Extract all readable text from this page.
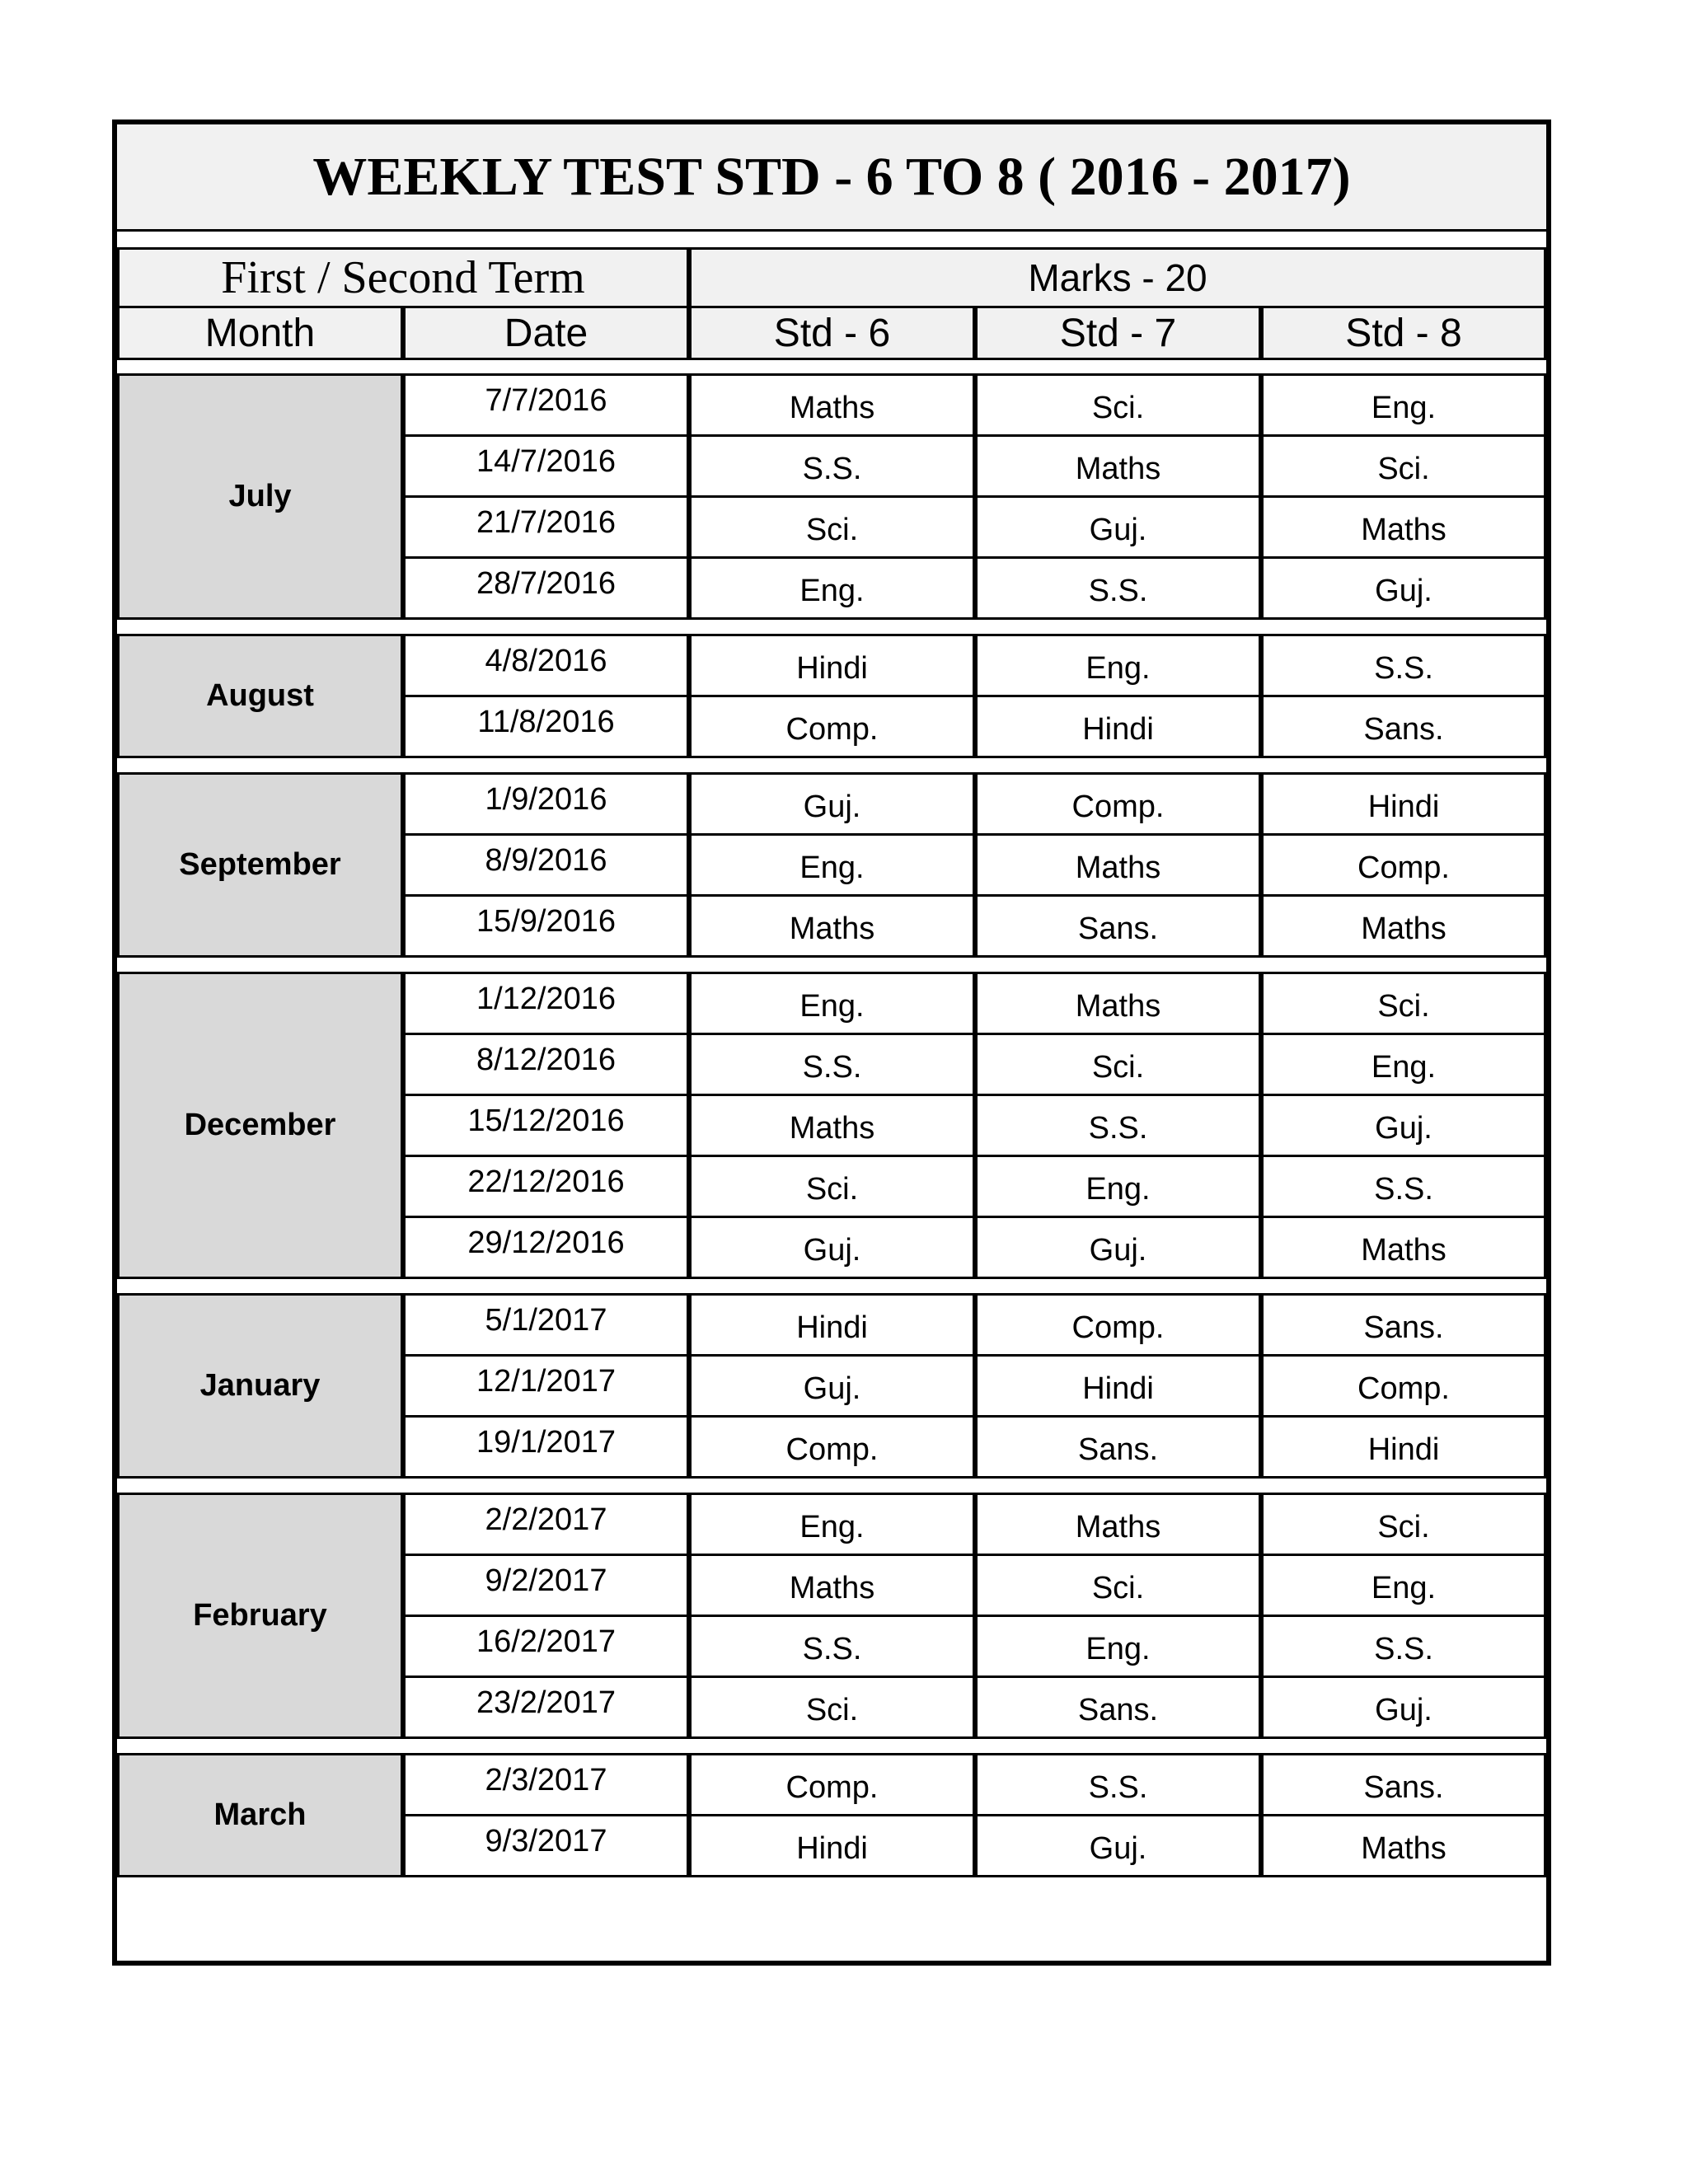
WEEKLY TEST STD - 6 TO 8 ( 2016 - 2017)
First / Second Term	Marks - 20
Month	Date	Std - 6	Std - 7	Std - 8
July
7/7/2016	Maths	Sci.	Eng.
14/7/2016	S.S.	Maths	Sci.
21/7/2016	Sci.	Guj.	Maths
28/7/2016	Eng.	S.S.	Guj.
August
4/8/2016	Hindi	Eng.	S.S.
11/8/2016	Comp.	Hindi	Sans.
September
1/9/2016	Guj.	Comp.	Hindi
8/9/2016	Eng.	Maths	Comp.
15/9/2016	Maths	Sans.	Maths
December
1/12/2016	Eng.	Maths	Sci.
8/12/2016	S.S.	Sci.	Eng.
15/12/2016	Maths	S.S.	Guj.
22/12/2016	Sci.	Eng.	S.S.
29/12/2016	Guj.	Guj.	Maths
January
5/1/2017	Hindi	Comp.	Sans.
12/1/2017	Guj.	Hindi	Comp.
19/1/2017	Comp.	Sans.	Hindi
February
2/2/2017	Eng.	Maths	Sci.
9/2/2017	Maths	Sci.	Eng.
16/2/2017	S.S.	Eng.	S.S.
23/2/2017	Sci.	Sans.	Guj.
March
2/3/2017	Comp.	S.S.	Sans.
9/3/2017	Hindi	Guj.	Maths
